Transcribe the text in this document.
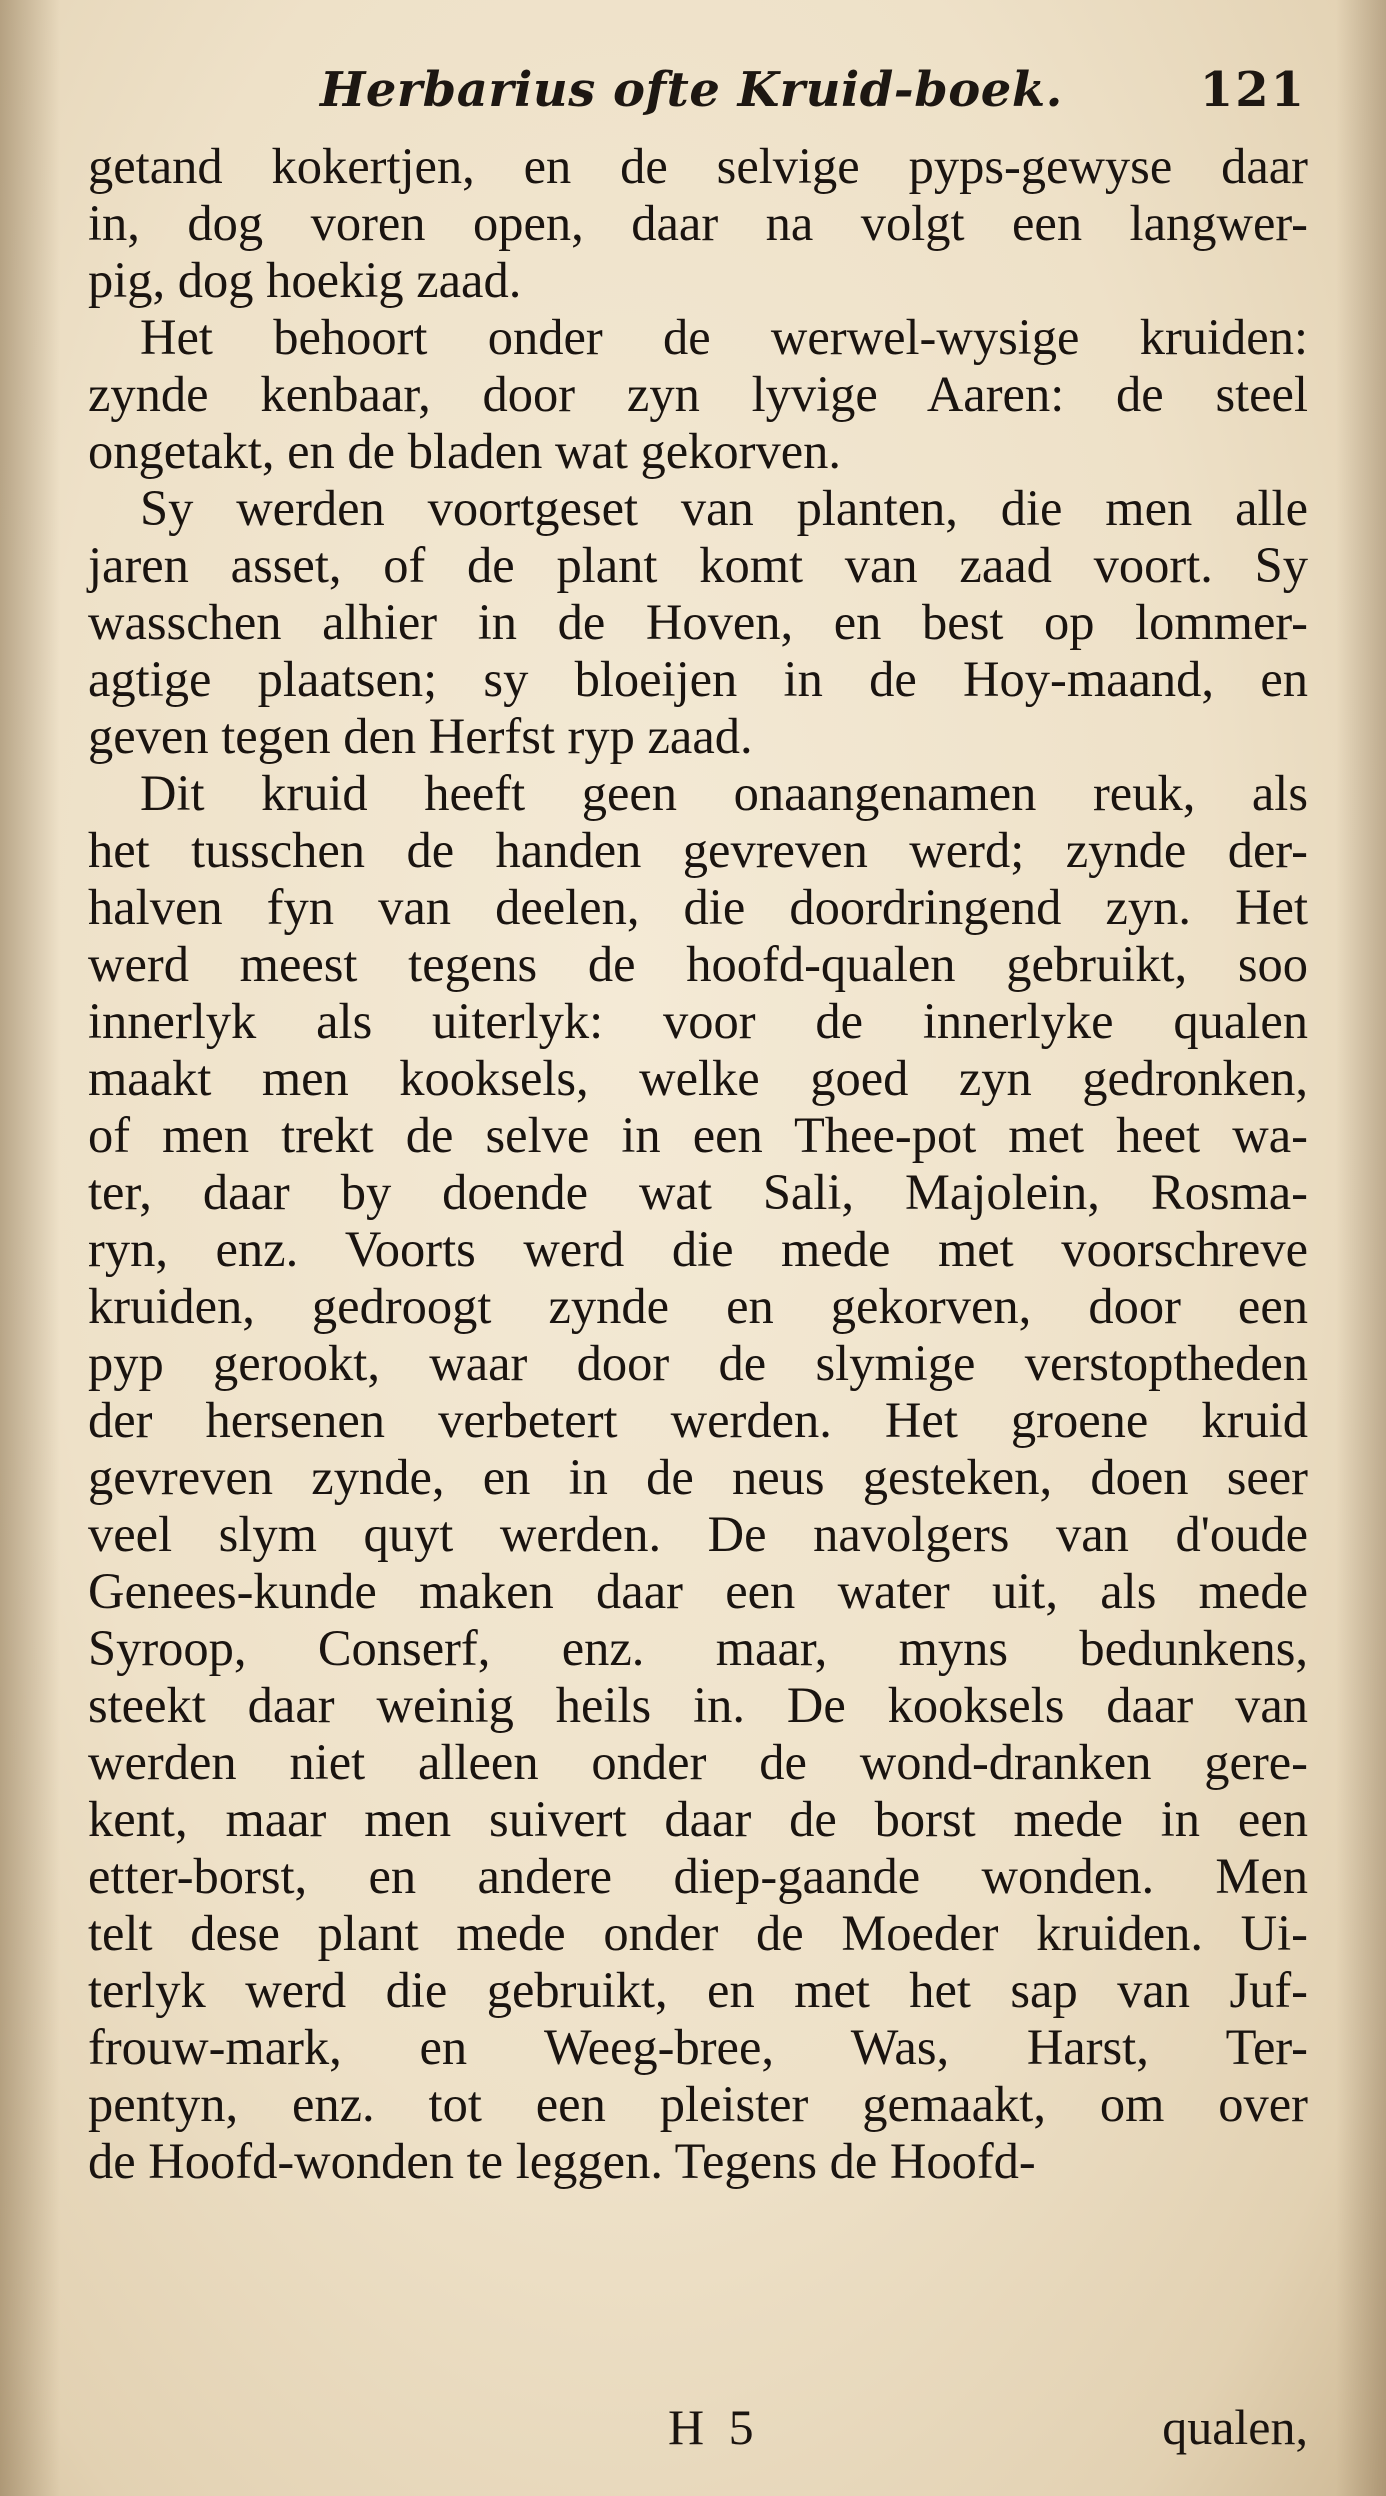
Herbarius ofte Kruid-boek.	121
getand kokertjen, en de selvige pyps-gewyse daar
in, dog voren open, daar na volgt een langwer-
pig, dog hoekig zaad.
Het behoort onder de werwel-wysige kruiden:
zynde kenbaar, door zyn lyvige Aaren: de steel
ongetakt, en de bladen wat gekorven.
Sy werden voortgeset van planten, die men alle
jaren asset, of de plant komt van zaad voort. Sy
wasschen alhier in de Hoven, en best op lommer-
agtige plaatsen; sy bloeijen in de Hoy-maand, en
geven tegen den Herfst ryp zaad.
Dit kruid heeft geen onaangenamen reuk, als
het tusschen de handen gevreven werd; zynde der-
halven fyn van deelen, die doordringend zyn. Het
werd meest tegens de hoofd-qualen gebruikt, soo
innerlyk als uiterlyk: voor de innerlyke qualen
maakt men kooksels, welke goed zyn gedronken,
of men trekt de selve in een Thee-pot met heet wa-
ter, daar by doende wat Sali, Majolein, Rosma-
ryn, enz. Voorts werd die mede met voorschreve
kruiden, gedroogt zynde en gekorven, door een
pyp gerookt, waar door de slymige verstoptheden
der hersenen verbetert werden. Het groene kruid
gevreven zynde, en in de neus gesteken, doen seer
veel slym quyt werden. De navolgers van d'oude
Genees-kunde maken daar een water uit, als mede
Syroop, Conserf, enz. maar, myns bedunkens,
steekt daar weinig heils in. De kooksels daar van
werden niet alleen onder de wond-dranken gere-
kent, maar men suivert daar de borst mede in een
etter-borst, en andere diep-gaande wonden. Men
telt dese plant mede onder de Moeder kruiden. Ui-
terlyk werd die gebruikt, en met het sap van Juf-
frouw-mark, en Weeg-bree, Was, Harst, Ter-
pentyn, enz. tot een pleister gemaakt, om over
de Hoofd-wonden te leggen. Tegens de Hoofd-
H 5	qualen,
